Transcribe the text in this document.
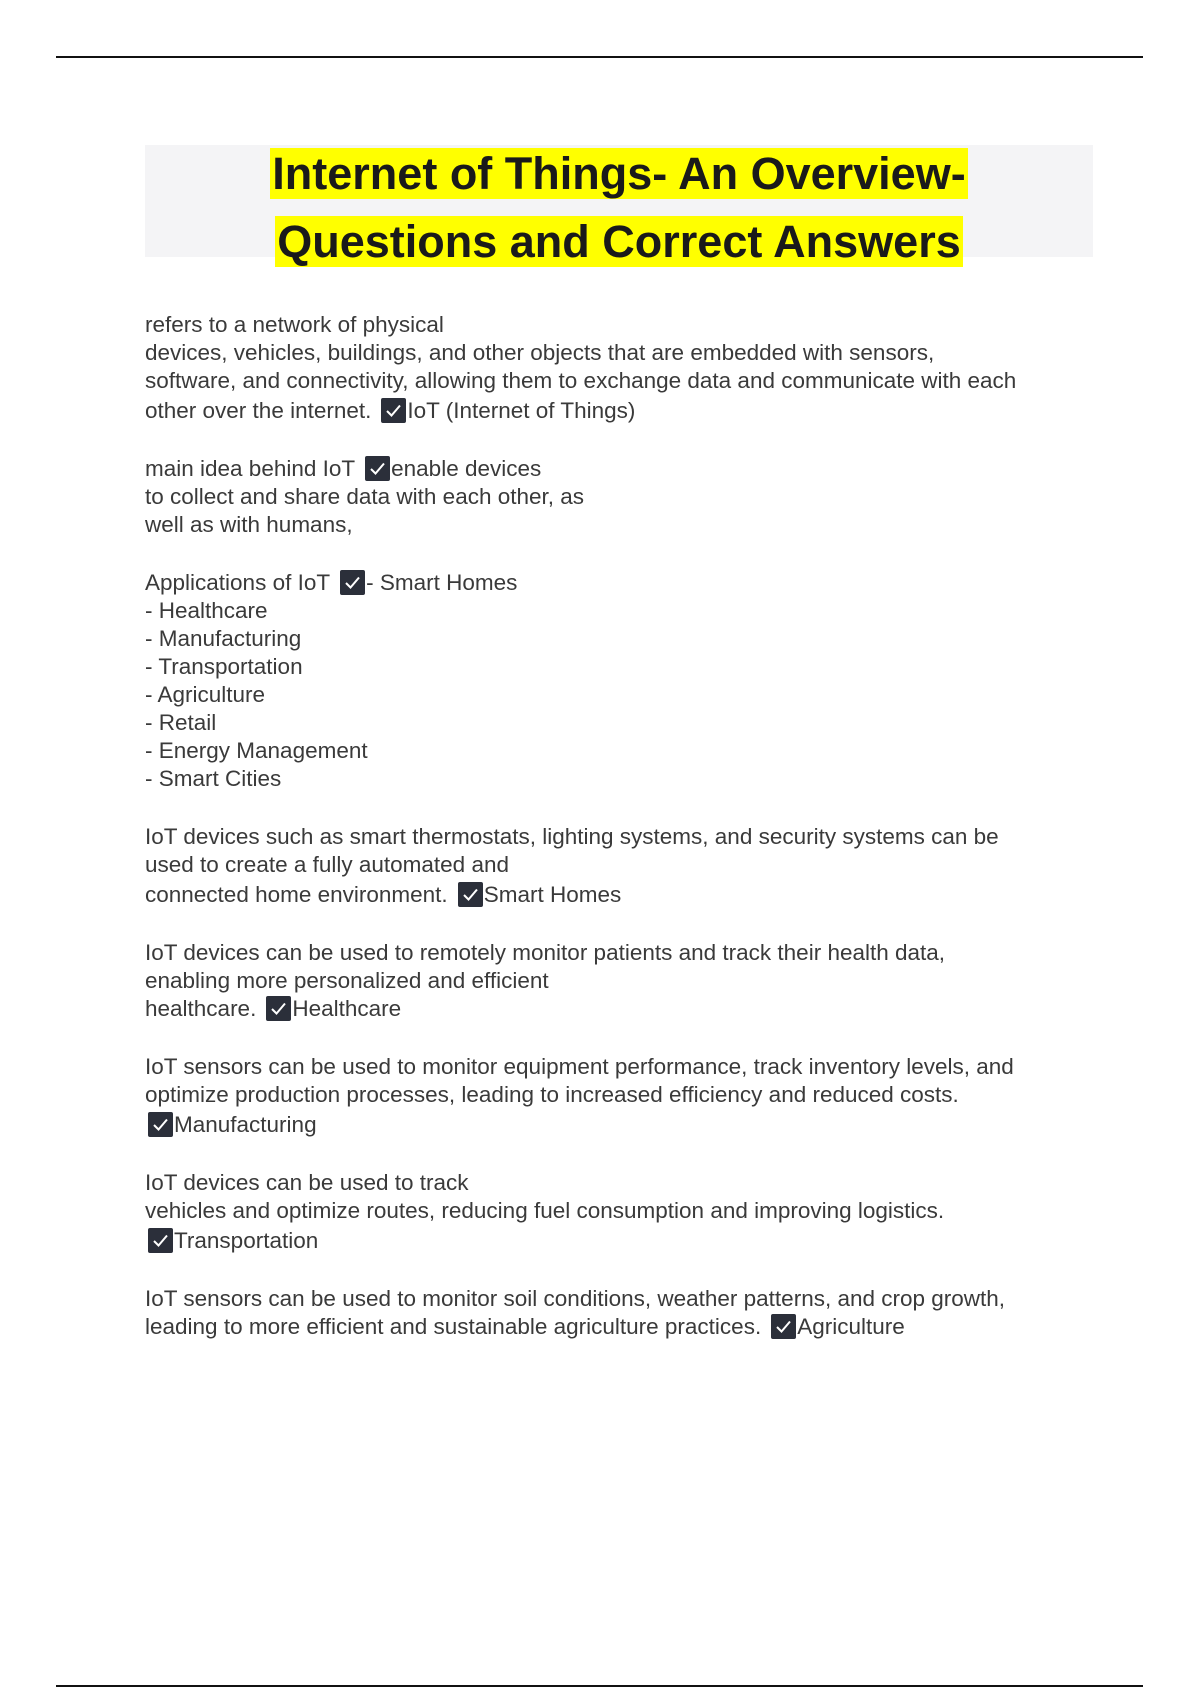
Internet of Things- An Overview-
Questions and Correct Answers
refers to a network of physical
devices, vehicles, buildings, and other objects that are embedded with sensors,
software, and connectivity, allowing them to exchange data and communicate with each
other over the internet. IoT (Internet of Things)
main idea behind IoT enable devices
to collect and share data with each other, as
well as with humans,
Applications of IoT - Smart Homes
- Healthcare
- Manufacturing
- Transportation
- Agriculture
- Retail
- Energy Management
- Smart Cities
IoT devices such as smart thermostats, lighting systems, and security systems can be
used to create a fully automated and
connected home environment. Smart Homes
IoT devices can be used to remotely monitor patients and track their health data,
enabling more personalized and efficient
healthcare. Healthcare
IoT sensors can be used to monitor equipment performance, track inventory levels, and
optimize production processes, leading to increased efficiency and reduced costs.
Manufacturing
IoT devices can be used to track
vehicles and optimize routes, reducing fuel consumption and improving logistics.
Transportation
IoT sensors can be used to monitor soil conditions, weather patterns, and crop growth,
leading to more efficient and sustainable agriculture practices. Agriculture
